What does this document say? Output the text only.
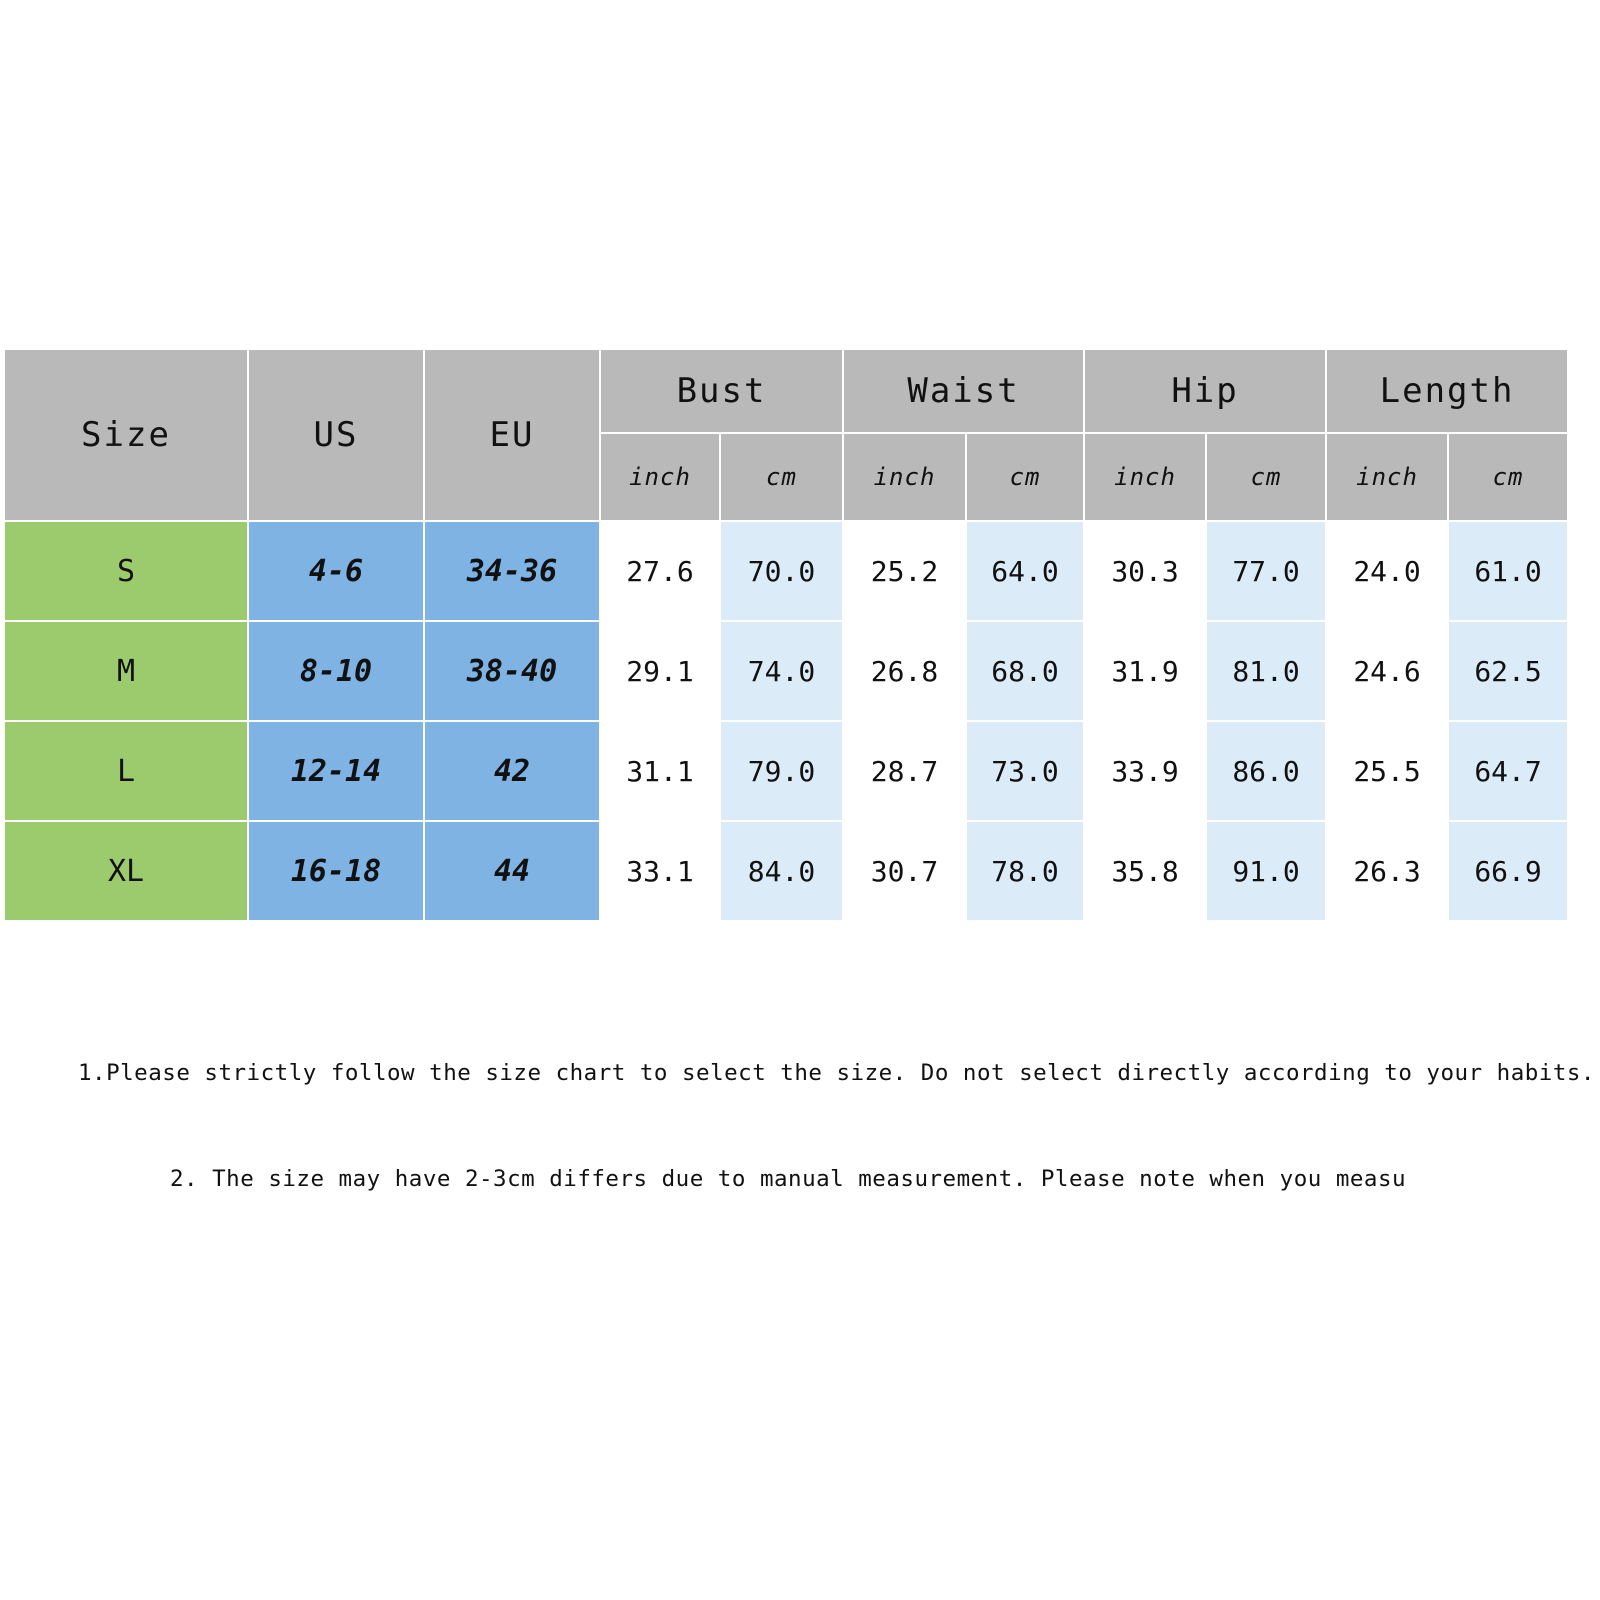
Size	US	EU	Bust		Waist		Hip		Length	
			inch	cm	inch	cm	inch	cm	inch	cm
S	4-6	34-36	27.6	70.0	25.2	64.0	30.3	77.0	24.0	61.0
M	8-10	38-40	29.1	74.0	26.8	68.0	31.9	81.0	24.6	62.5
L	12-14	42	31.1	79.0	28.7	73.0	33.9	86.0	25.5	64.7
XL	16-18	44	33.1	84.0	30.7	78.0	35.8	91.0	26.3	66.9
1.Please strictly follow the size chart to select the size. Do not select directly according to your habits.
2. The size may have 2-3cm differs due to manual measurement. Please note when you measu
